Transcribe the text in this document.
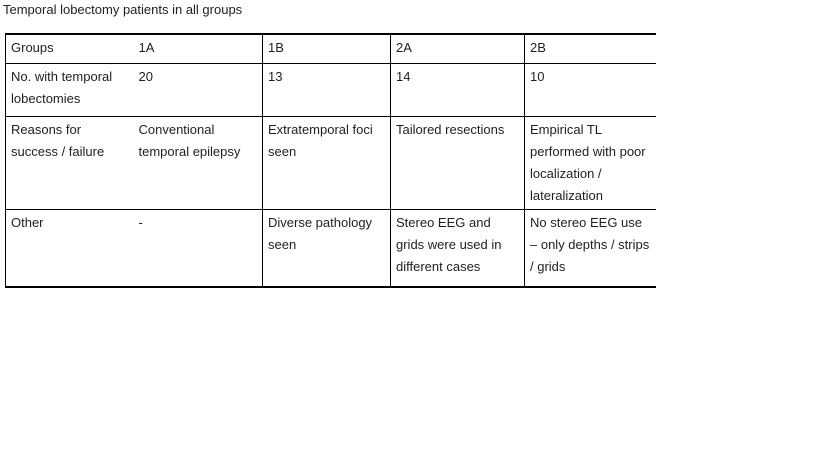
Temporal lobectomy patients in all groups
Groups	1A	1B	2A	2B
No. with temporal lobectomies	20	13	14	10
Reasons for success / failure	Conventional temporal epilepsy	Extratemporal foci seen	Tailored resections	Empirical TL performed with poor localization / lateralization
Other	-	Diverse pathology seen	Stereo EEG and grids were used in different cases	No stereo EEG use – only depths / strips / grids
